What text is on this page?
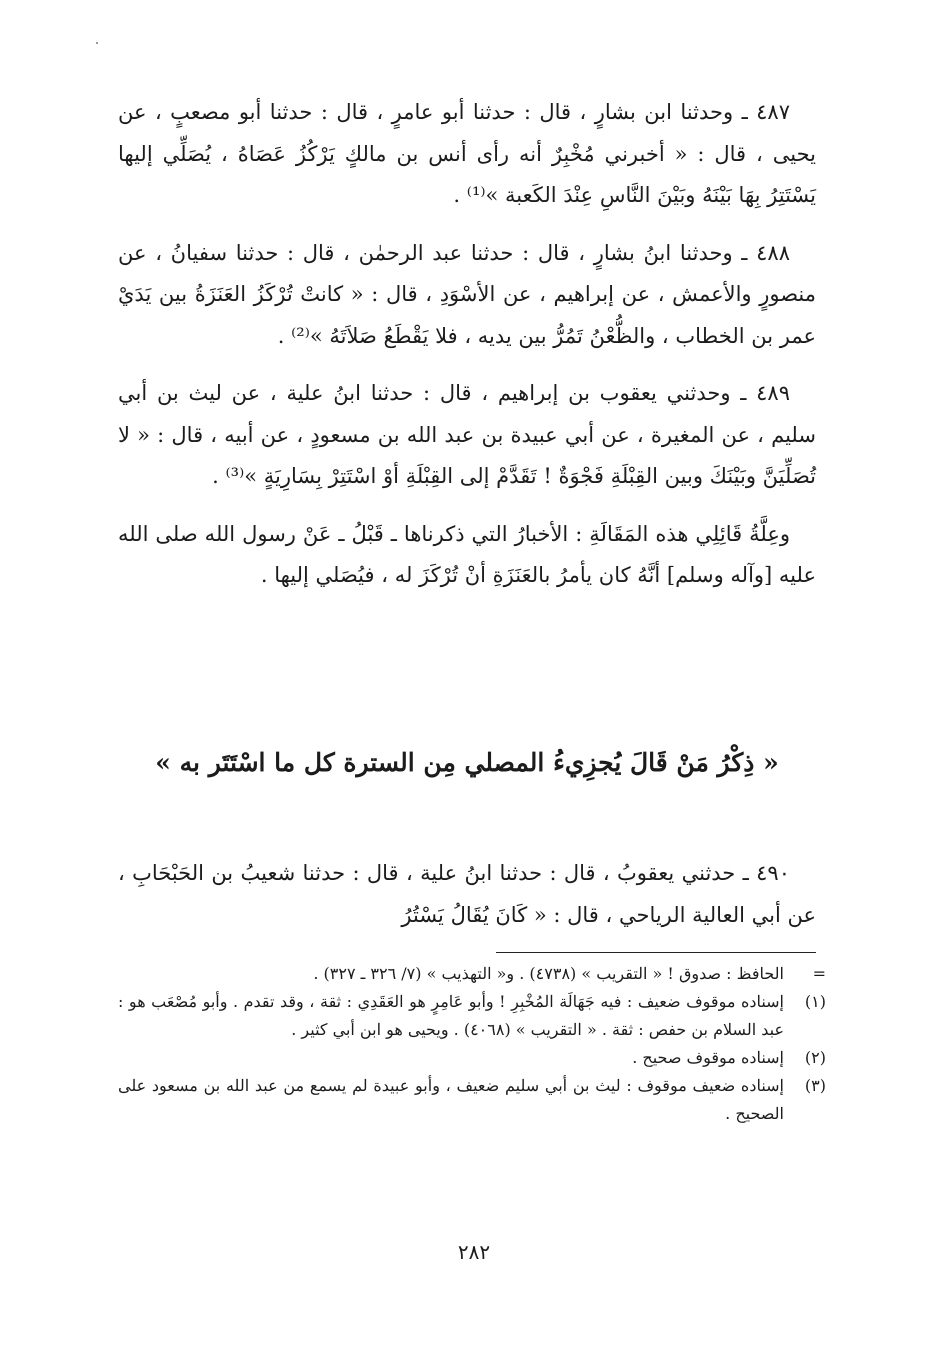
٤٨٧ ـ وحدثنا ابن بشارٍ ، قال : حدثنا أبو عامرٍ ، قال : حدثنا أبو مصعبٍ ، عن يحيى ، قال : « أخبرني مُخْبِرٌ أنه رأى أنس بن مالكٍ يَرْكُزُ عَصَاهُ ، يُصَلِّي إليها يَسْتَتِرُ بِهَا بَيْنَهُ وبَيْنَ النَّاسِ عِنْدَ الكَعبة »⁽¹⁾ .

٤٨٨ ـ وحدثنا ابنُ بشارٍ ، قال : حدثنا عبد الرحمٰن ، قال : حدثنا سفيانُ ، عن منصورٍ والأعمش ، عن إبراهيم ، عن الأسْوَدِ ، قال : « كانتْ تُرْكَزُ العَنَزَةُ بين يَدَيْ عمر بن الخطاب ، والظُّعْنُ تَمُرُّ بين يديه ، فلا يَقْطَعُ صَلاَتَهُ »⁽²⁾ .

٤٨٩ ـ وحدثني يعقوب بن إبراهيم ، قال : حدثنا ابنُ علية ، عن ليث بن أبي سليم ، عن المغيرة ، عن أبي عبيدة بن عبد الله بن مسعودٍ ، عن أبيه ، قال : « لا تُصَلِّيَنَّ وبَيْنَكَ وبين القِبْلَةِ فَجْوَةٌ ! تَقَدَّمْ إلى القِبْلَةِ أوْ اسْتَتِرْ بِسَارِيَةٍ »⁽³⁾ .

وعِلَّةُ قَائِلِي هذه المَقَالَةِ : الأخبارُ التي ذكرناها ـ قَبْلُ ـ عَنْ رسول الله صلى الله عليه [وآله وسلم] أنَّهُ كان يأمرُ بالعَنَزَةِ أنْ تُرْكَزَ له ، فيُصَلي إليها .

« ذِكْرُ مَنْ قَالَ يُجزِيءُ المصلي مِن السترة كل ما اسْتَتَر به »

٤٩٠ ـ حدثني يعقوبُ ، قال : حدثنا ابنُ علية ، قال : حدثنا شعيبُ بن الحَبْحَابِ ، عن أبي العالية الرياحي ، قال : « كَانَ يُقَالُ يَسْتُرُ

=
الحافظ : صدوق ! « التقريب » (٤٧٣٨) . و« التهذيب » (٧/ ٣٢٦ ـ ٣٢٧) .
(١)
إسناده موقوف ضعيف : فيه جَهَالَة المُخْبِرِ ! وأبو عَامِرٍ هو العَقَدِي : ثقة ، وقد تقدم . وأبو مُصْعَب هو : عبد السلام بن حفص : ثقة . « التقريب » (٤٠٦٨) . ويحيى هو ابن أبي كثير .
(٢)
إسناده موقوف صحيح .
(٣)
إسناده ضعيف موقوف : ليث بن أبي سليم ضعيف ، وأبو عبيدة لم يسمع من عبد الله بن مسعود على الصحيح .
٢٨٢
